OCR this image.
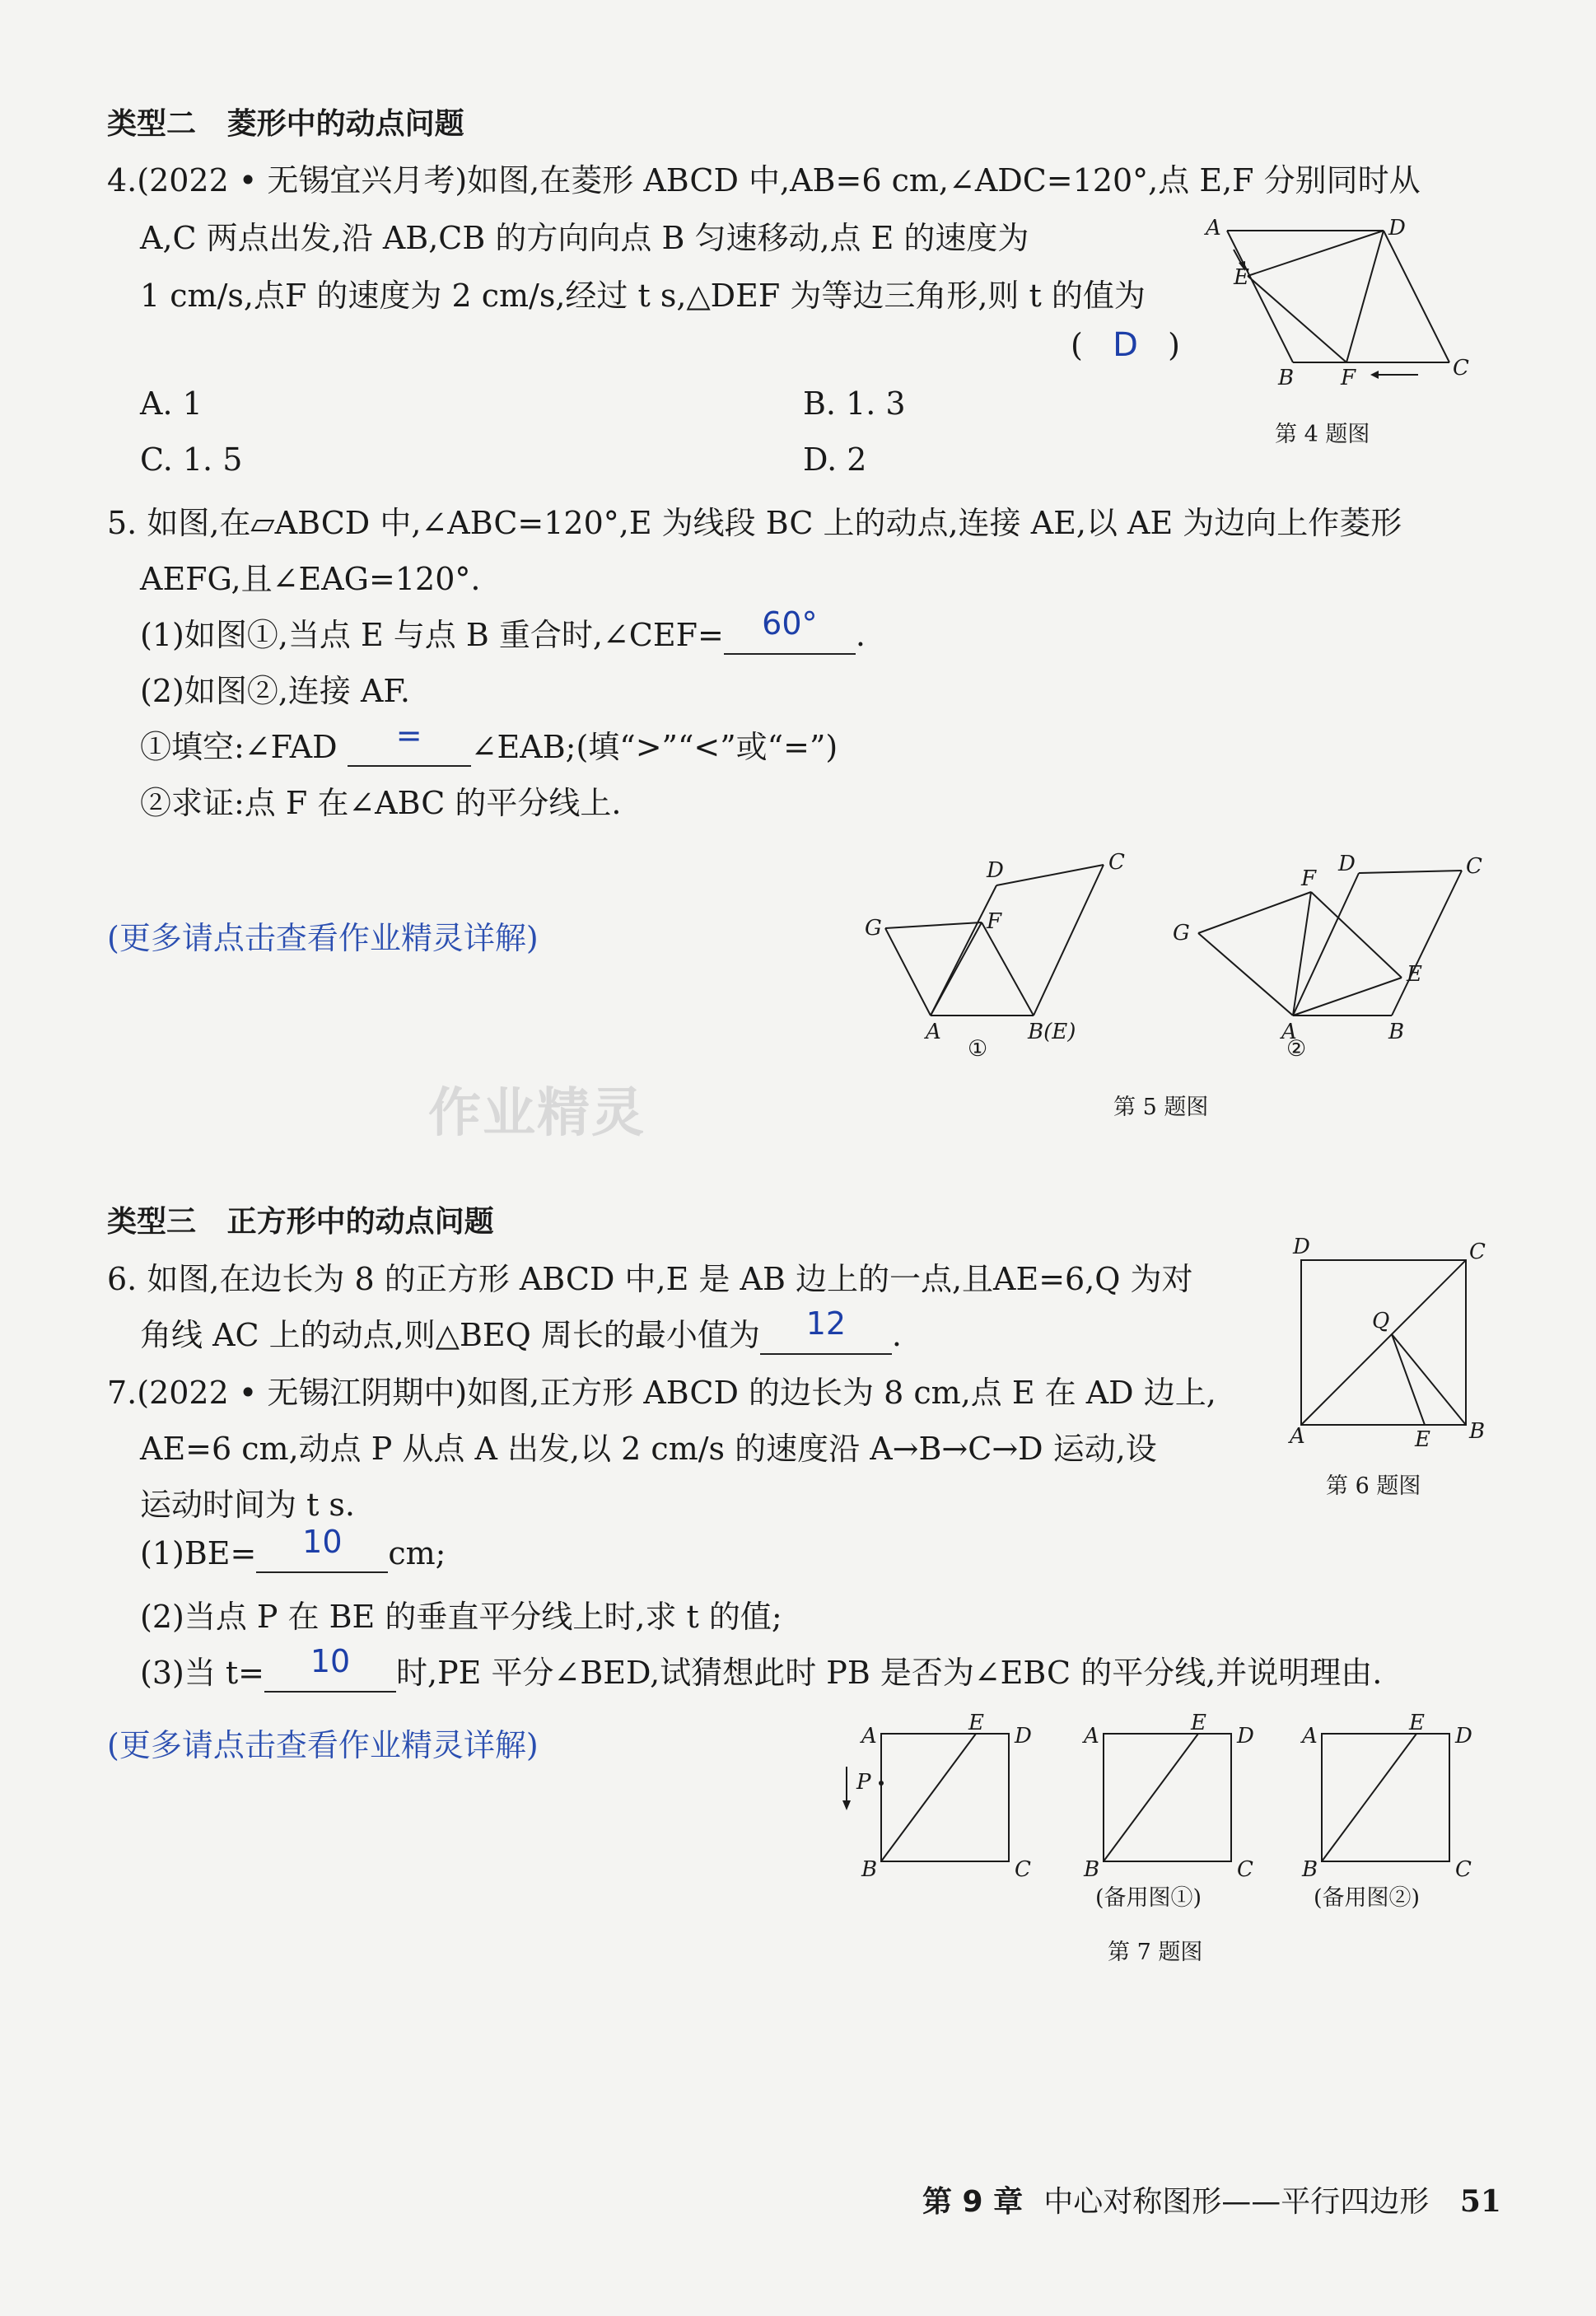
类型二 菱形中的动点问题
4.(2022 • 无锡宜兴月考)如图,在菱形 ABCD 中,AB=6 cm,∠ADC=120°,点 E,F 分别同时从
A,C 两点出发,沿 AB,CB 的方向向点 B 匀速移动,点 E 的速度为
1 cm/s,点F 的速度为 2 cm/s,经过 t s,△DEF 为等边三角形,则 t 的值为
( D )
A. 1	B. 1. 3
C. 1. 5	D. 2
A	D
E
B F	C
第 4 题图
5. 如图,在▱ABCD 中,∠ABC=120°,E 为线段 BC 上的动点,连接 AE,以 AE 为边向上作菱形
AEFG,且∠EAG=120°.
(1)如图①,当点 E 与点 B 重合时,∠CEF= 60° .
(2)如图②,连接 AF.
①填空:∠FAD = ∠EAB;(填“>”“<”或“=”)
②求证:点 F 在∠ABC 的平分线上.
(更多请点击查看作业精灵详解)
D	C
G	F
A	B(E)
①
F
D	C
G
E
A	B
②
第 5 题图
作业精灵
类型三 正方形中的动点问题
6. 如图,在边长为 8 的正方形 ABCD 中,E 是 AB 边上的一点,且AE=6,Q 为对
角线 AC 上的动点,则△BEQ 周长的最小值为 12 .
D	C
Q
A	E B
第 6 题图
7.(2022 • 无锡江阴期中)如图,正方形 ABCD 的边长为 8 cm,点 E 在 AD 边上,
AE=6 cm,动点 P 从点 A 出发,以 2 cm/s 的速度沿 A→B→C→D 运动,设
运动时间为 t s.
(1)BE= 10 cm;
(2)当点 P 在 BE 的垂直平分线上时,求 t 的值;
(3)当 t= 10 时,PE 平分∠BED,试猜想此时 PB 是否为∠EBC 的平分线,并说明理由.
(更多请点击查看作业精灵详解)	A
E
D
P
B	C
A
E
D
B	C
A
E
D
B	C
(备用图①)	(备用图②)
第 7 题图
第 9 章 中心对称图形——平行四边形 51
